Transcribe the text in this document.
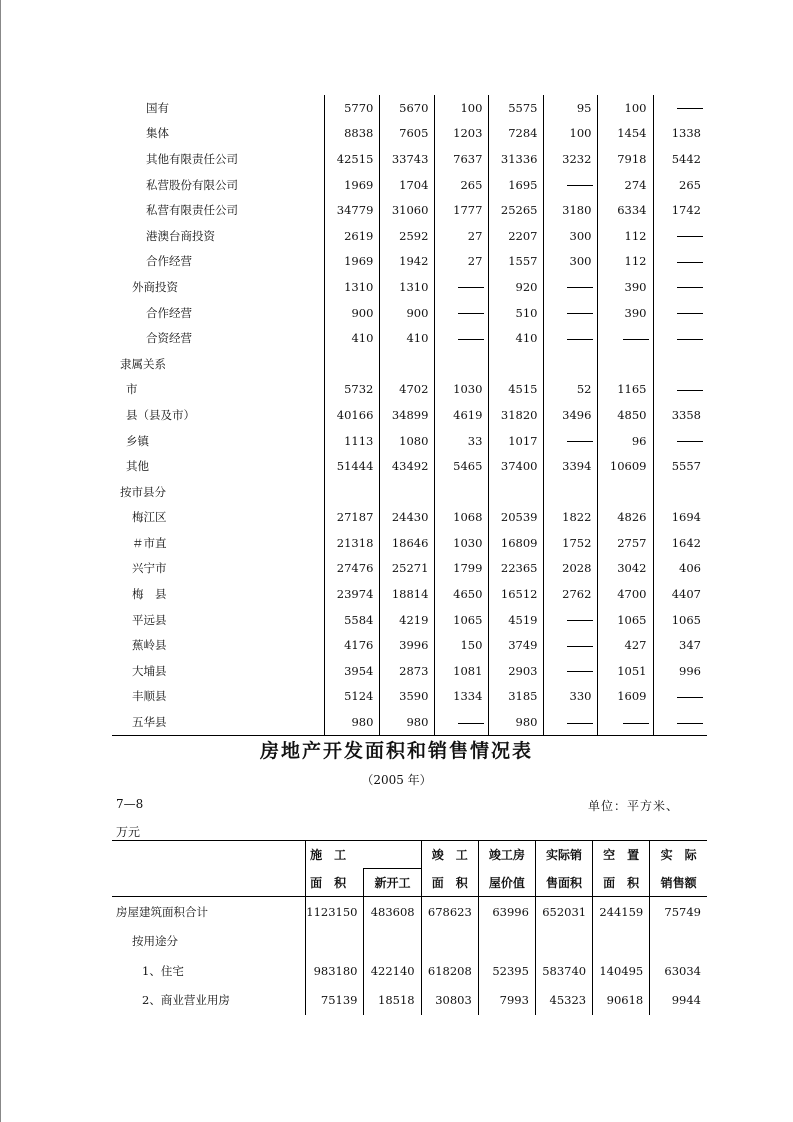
国有	5770	5670	100	5575	95	100	
集体	8838	7605	1203	7284	100	1454	1338
其他有限责任公司	42515	33743	7637	31336	3232	7918	5442
私营股份有限公司	1969	1704	265	1695		274	265
私营有限责任公司	34779	31060	1777	25265	3180	6334	1742
港澳台商投资	2619	2592	27	2207	300	112	
合作经营	1969	1942	27	1557	300	112	
外商投资	1310	1310		920		390	
合作经营	900	900		510		390	
合资经营	410	410		410			
隶属关系							
市	5732	4702	1030	4515	52	1165	
县（县及市）	40166	34899	4619	31820	3496	4850	3358
乡镇	1113	1080	33	1017		96	
其他	51444	43492	5465	37400	3394	10609	5557
按市县分							
梅江区	27187	24430	1068	20539	1822	4826	1694
＃市直	21318	18646	1030	16809	1752	2757	1642
兴宁市	27476	25271	1799	22365	2028	3042	406
梅　县	23974	18814	4650	16512	2762	4700	4407
平远县	5584	4219	1065	4519		1065	1065
蕉岭县	4176	3996	150	3749		427	347
大埔县	3954	2873	1081	2903		1051	996
丰顺县	5124	3590	1334	3185	330	1609	
五华县	980	980		980			
房地产开发面积和销售情况表
（2005 年）
7—8	单位：平方米、
万元
	施　工		竣　工	竣工房	实际销	空　置	实　际
	面　积	新开工	面　积	屋价值	售面积	面　积	销售额
房屋建筑面积合计	1123150	483608	678623	63996	652031	244159	75749
按用途分							
1、住宅	983180	422140	618208	52395	583740	140495	63034
2、商业营业用房	75139	18518	30803	7993	45323	90618	9944
